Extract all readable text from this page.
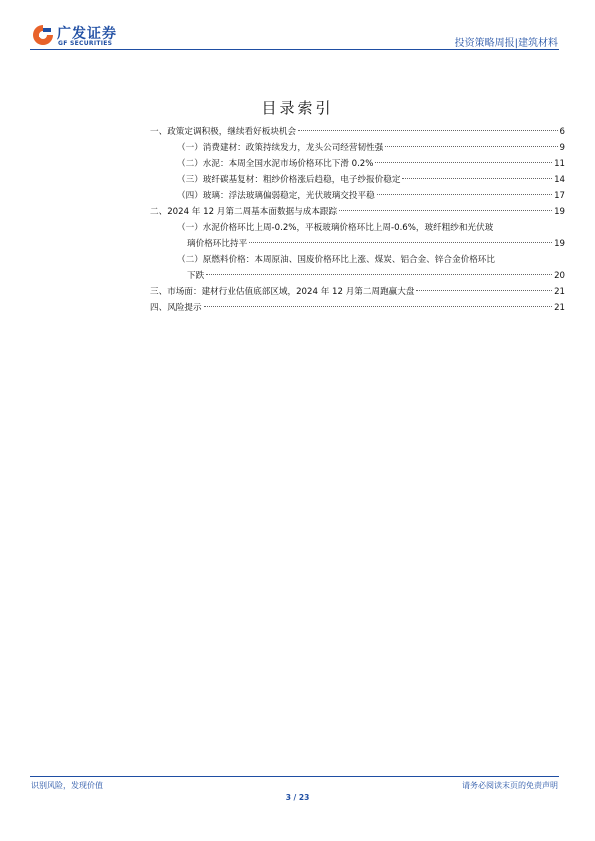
广发证券
GF SECURITIES	投资策略周报|建筑材料
目录索引
一、政策定调积极，继续看好板块机会	6
（一）消费建材：政策持续发力，龙头公司经营韧性强	9
（二）水泥：本周全国水泥市场价格环比下滑 0.2%	11
（三）玻纤碳基复材：粗纱价格涨后趋稳，电子纱报价稳定	14
（四）玻璃：浮法玻璃偏弱稳定，光伏玻璃交投平稳	17
二、2024 年 12 月第二周基本面数据与成本跟踪	19
（一）水泥价格环比上周-0.2%，平板玻璃价格环比上周-0.6%，玻纤粗纱和光伏玻
璃价格环比持平	19
（二）原燃料价格：本周原油、国废价格环比上涨、煤炭、铝合金、锌合金价格环比
下跌	20
三、市场面：建材行业估值底部区域，2024 年 12 月第二周跑赢大盘	21
四、风险提示	21
识别风险，发现价值	请务必阅读末页的免责声明
3 / 23
